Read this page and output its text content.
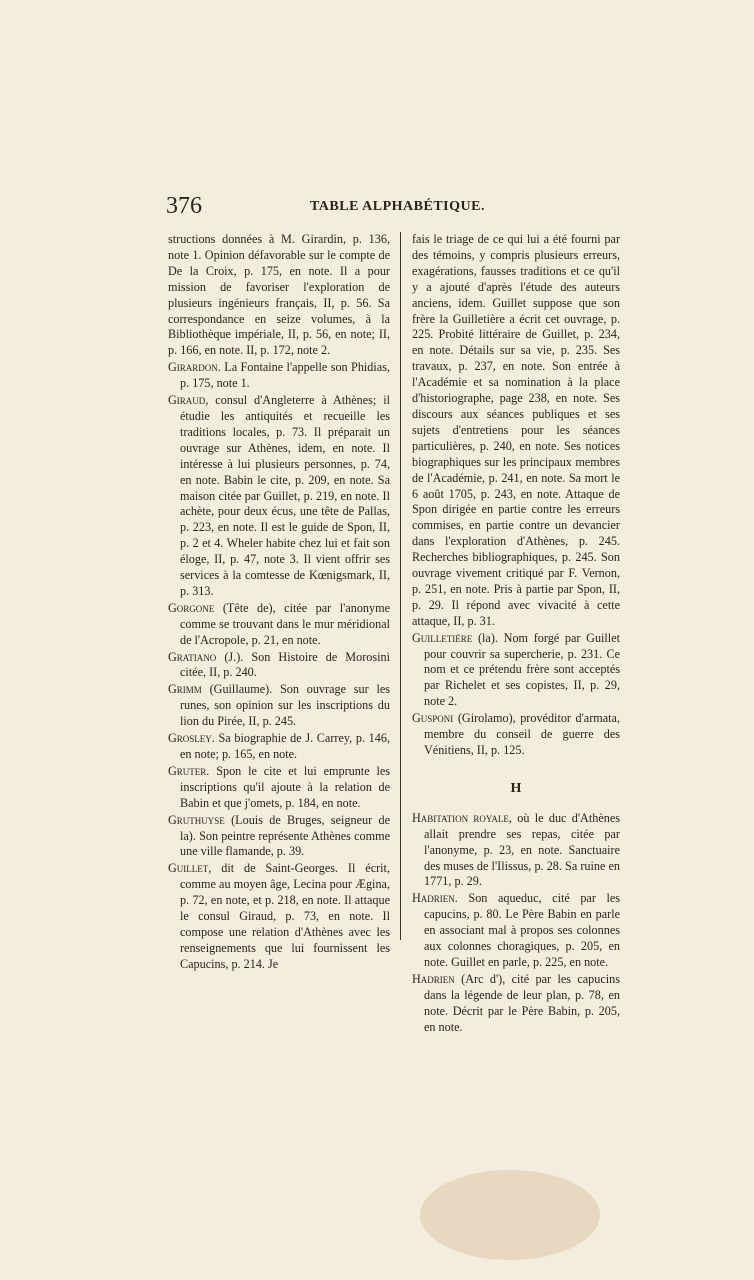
376	TABLE ALPHABÉTIQUE.

structions données à M. Girardin, p. 136, note 1. Opinion défavorable sur le compte de De la Croix, p. 175, en note. Il a pour mission de favoriser l'exploration de plusieurs ingénieurs français, II, p. 56. Sa correspondance en seize volumes, à la Bibliothèque impériale, II, p. 56, en note; II, p. 166, en note. II, p. 172, note 2.

Girardon. La Fontaine l'appelle son Phidias, p. 175, note 1.

Giraud, consul d'Angleterre à Athènes; il étudie les antiquités et recueille les traditions locales, p. 73. Il préparait un ouvrage sur Athènes, idem, en note. Il intéresse à lui plusieurs personnes, p. 74, en note. Babin le cite, p. 209, en note. Sa maison citée par Guillet, p. 219, en note. Il achète, pour deux écus, une tête de Pallas, p. 223, en note. Il est le guide de Spon, II, p. 2 et 4. Wheler habite chez lui et fait son éloge, II, p. 47, note 3. Il vient offrir ses services à la comtesse de Kœnigsmark, II, p. 313.

Gorgone (Tête de), citée par l'anonyme comme se trouvant dans le mur méridional de l'Acropole, p. 21, en note.

Gratiano (J.). Son Histoire de Morosini citée, II, p. 240.

Grimm (Guillaume). Son ouvrage sur les runes, son opinion sur les inscriptions du lion du Pirée, II, p. 245.

Grosley. Sa biographie de J. Carrey, p. 146, en note; p. 165, en note.

Gruter. Spon le cite et lui emprunte les inscriptions qu'il ajoute à la relation de Babin et que j'omets, p. 184, en note.

Gruthuyse (Louis de Bruges, seigneur de la). Son peintre représente Athènes comme une ville flamande, p. 39.

Guillet, dit de Saint-Georges. Il écrit, comme au moyen âge, Lecina pour Ægina, p. 72, en note, et p. 218, en note. Il attaque le consul Giraud, p. 73, en note. Il compose une relation d'Athènes avec les renseignements que lui fournissent les Capucins, p. 214. Je

fais le triage de ce qui lui a été fourni par des témoins, y compris plusieurs erreurs, exagérations, fausses traditions et ce qu'il y a ajouté d'après l'étude des auteurs anciens, idem. Guillet suppose que son frère la Guilletière a écrit cet ouvrage, p. 225. Probité littéraire de Guillet, p. 234, en note. Détails sur sa vie, p. 235. Ses travaux, p. 237, en note. Son entrée à l'Académie et sa nomination à la place d'historiographe, page 238, en note. Ses discours aux séances publiques et ses sujets d'entretiens pour les séances particulières, p. 240, en note. Ses notices biographiques sur les principaux membres de l'Académie, p. 241, en note. Sa mort le 6 août 1705, p. 243, en note. Attaque de Spon dirigée en partie contre les erreurs commises, en partie contre un devancier dans l'exploration d'Athènes, p. 245. Recherches bibliographiques, p. 245. Son ouvrage vivement critiqué par F. Vernon, p. 251, en note. Pris à partie par Spon, II, p. 29. Il répond avec vivacité à cette attaque, II, p. 31.

Guilletière (la). Nom forgé par Guillet pour couvrir sa supercherie, p. 231. Ce nom et ce prétendu frère sont acceptés par Richelet et ses copistes, II, p. 29, note 2.

Gusponi (Girolamo), provéditor d'armata, membre du conseil de guerre des Vénitiens, II, p. 125.

H

Habitation royale, où le duc d'Athènes allait prendre ses repas, citée par l'anonyme, p. 23, en note. Sanctuaire des muses de l'Ilissus, p. 28. Sa ruine en 1771, p. 29.

Hadrien. Son aqueduc, cité par les capucins, p. 80. Le Père Babin en parle en associant mal à propos ses colonnes aux colonnes choragiques, p. 205, en note. Guillet en parle, p. 225, en note.

Hadrien (Arc d'), cité par les capucins dans la légende de leur plan, p. 78, en note. Décrit par le Père Babin, p. 205, en note.
